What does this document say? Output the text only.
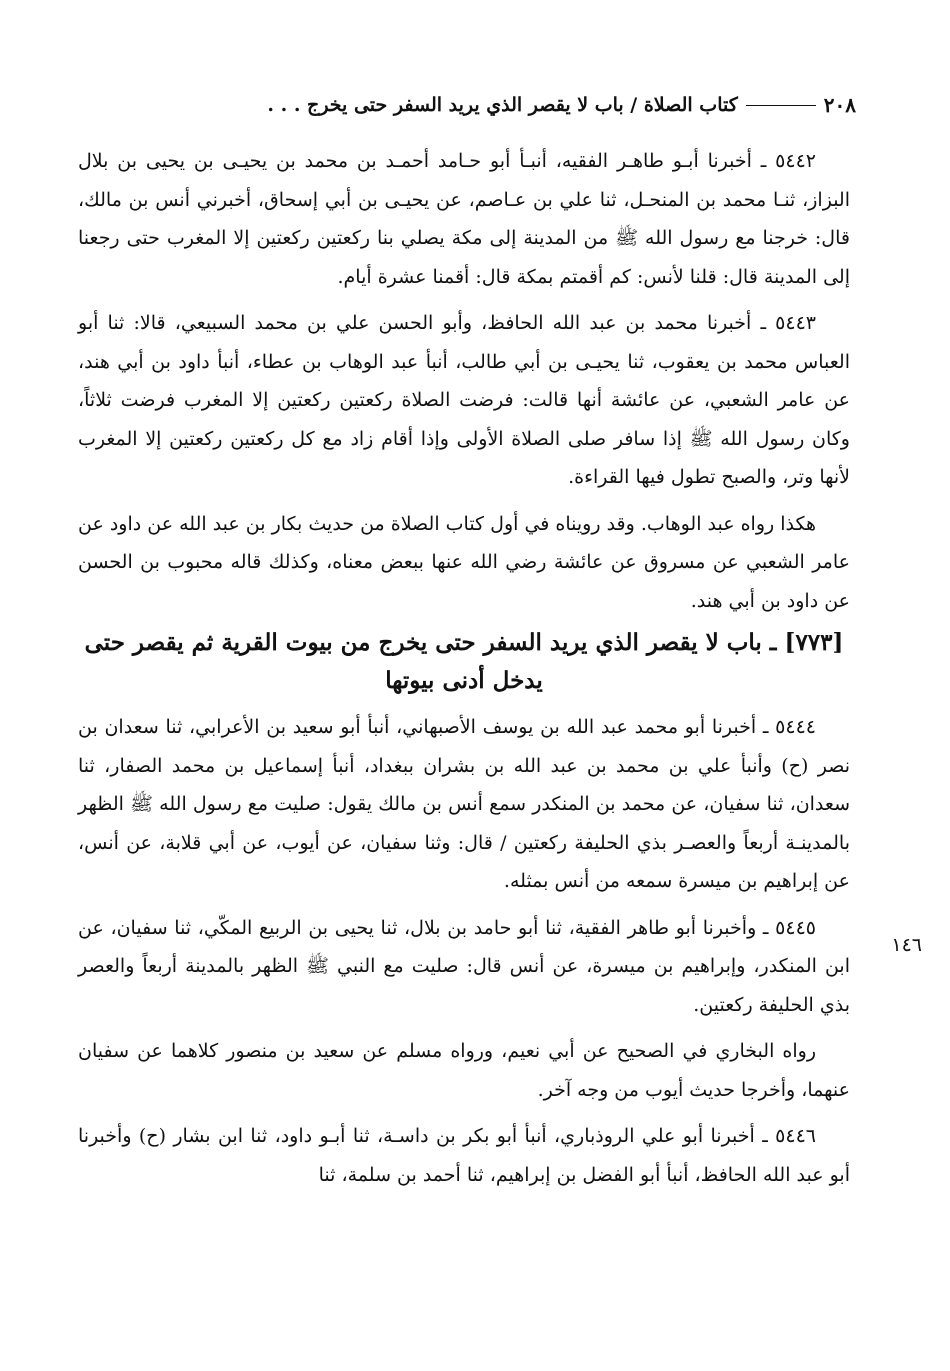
٢٠٨
كتاب الصلاة / باب لا يقصر الذي يريد السفر حتى يخرج . . .

٥٤٤٢ ـ أخبرنا أبـو طاهـر الفقيه، أنبـأ أبو حـامد أحمـد بن محمد بن يحيـى بن يحيى بن بلال البزاز، ثنـا محمد بن المنحـل، ثنا علي بن عـاصم، عن يحيـى بن أبي إسحاق، أخبرني أنس بن مالك، قال: خرجنا مع رسول الله ﷺ من المدينة إلى مكة يصلي بنا ركعتين ركعتين إلا المغرب حتى رجعنا إلى المدينة قال: قلنا لأنس: كم أقمتم بمكة قال: أقمنا عشرة أيام.

٥٤٤٣ ـ أخبرنا محمد بن عبد الله الحافظ، وأبو الحسن علي بن محمد السبيعي، قالا: ثنا أبو العباس محمد بن يعقوب، ثنا يحيـى بن أبي طالب، أنبأ عبد الوهاب بن عطاء، أنبأ داود بن أبي هند، عن عامر الشعبي، عن عائشة أنها قالت: فرضت الصلاة ركعتين ركعتين إلا المغرب فرضت ثلاثاً، وكان رسول الله ﷺ إذا سافر صلى الصلاة الأولى وإذا أقام زاد مع كل ركعتين ركعتين إلا المغرب لأنها وتر، والصبح تطول فيها القراءة.

هكذا رواه عبد الوهاب. وقد رويناه في أول كتاب الصلاة من حديث بكار بن عبد الله عن داود عن عامر الشعبي عن مسروق عن عائشة رضي الله عنها ببعض معناه، وكذلك قاله محبوب بن الحسن عن داود بن أبي هند.

[٧٧٣] ـ باب لا يقصر الذي يريد السفر حتى يخرج من بيوت القرية ثم يقصر حتى يدخل أدنى بيوتها

٥٤٤٤ ـ أخبرنا أبو محمد عبد الله بن يوسف الأصبهاني، أنبأ أبو سعيد بن الأعرابي، ثنا سعدان بن نصر (ح) وأنبأ علي بن محمد بن عبد الله بن بشران ببغداد، أنبأ إسماعيل بن محمد الصفار، ثنا سعدان، ثنا سفيان، عن محمد بن المنكدر سمع أنس بن مالك يقول: صليت مع رسول الله ﷺ الظهر بالمدينـة أربعاً والعصـر بذي الحليفة ركعتين / قال: وثنا سفيان، عن أيوب، عن أبي قلابة، عن أنس، عن إبراهيم بن ميسرة سمعه من أنس بمثله.

٥٤٤٥ ـ وأخبرنا أبو طاهر الفقية، ثنا أبو حامد بن بلال، ثنا يحيى بن الربيع المكّي، ثنا سفيان، عن ابن المنكدر، وإبراهيم بن ميسرة، عن أنس قال: صليت مع النبي ﷺ الظهر بالمدينة أربعاً والعصر بذي الحليفة ركعتين.

رواه البخاري في الصحيح عن أبي نعيم، ورواه مسلم عن سعيد بن منصور كلاهما عن سفيان عنهما، وأخرجا حديث أيوب من وجه آخر.

٥٤٤٦ ـ أخبرنا أبو علي الروذباري، أنبأ أبو بكر بن داسـة، ثنا أبـو داود، ثنا ابن بشار (ح) وأخبرنا أبو عبد الله الحافظ، أنبأ أبو الفضل بن إبراهيم، ثنا أحمد بن سلمة، ثنا

١٤٦
